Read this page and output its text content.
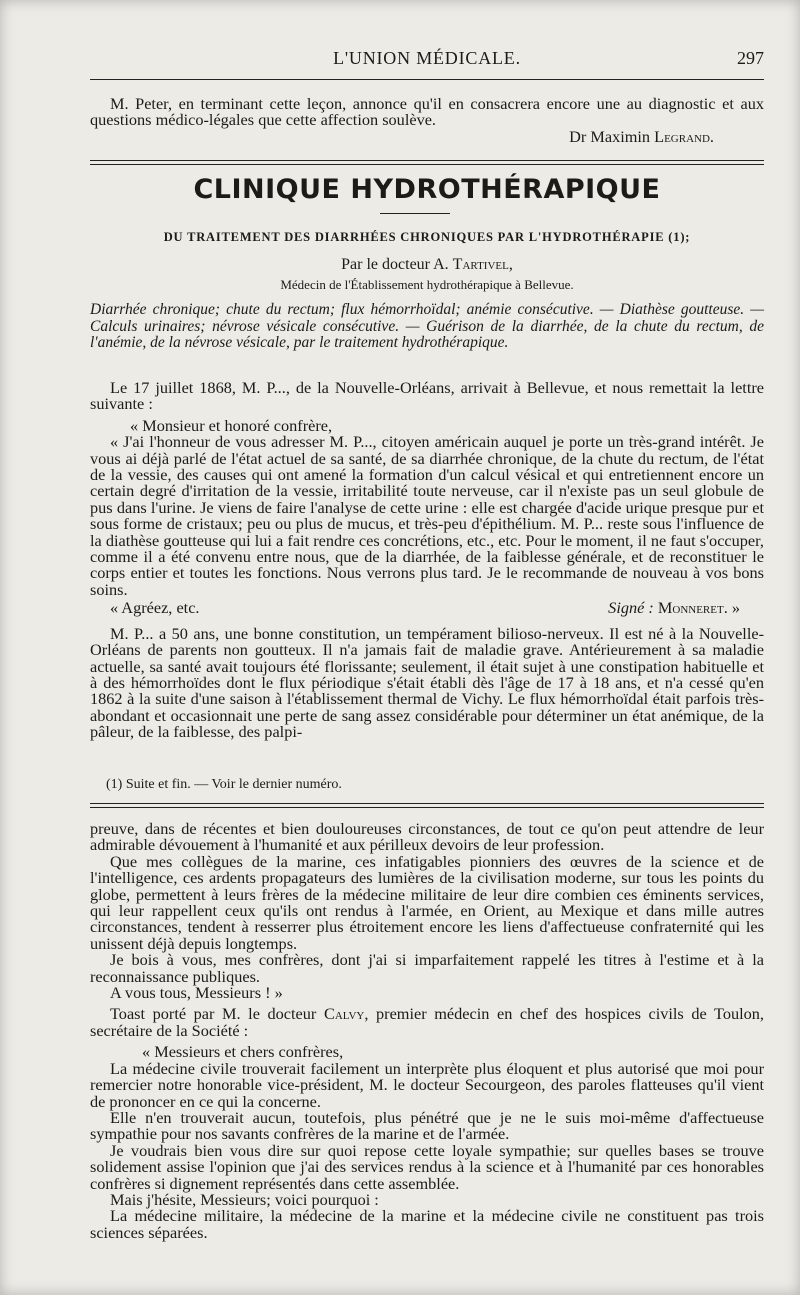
L'UNION MÉDICALE.	297

M. Peter, en terminant cette leçon, annonce qu'il en consacrera encore une au diagnostic et aux questions médico-légales que cette affection soulève.

Dr Maximin Legrand.

CLINIQUE HYDROTHÉRAPIQUE
DU TRAITEMENT DES DIARRHÉES CHRONIQUES PAR L'HYDROTHÉRAPIE (1);
Par le docteur A. Tartivel,
Médecin de l'Établissement hydrothérapique à Bellevue.
Diarrhée chronique; chute du rectum; flux hémorrhoïdal; anémie consécutive. — Diathèse goutteuse. — Calculs urinaires; névrose vésicale consécutive. — Guérison de la diarrhée, de la chute du rectum, de l'anémie, de la névrose vésicale, par le traitement hydrothérapique.

Le 17 juillet 1868, M. P..., de la Nouvelle-Orléans, arrivait à Bellevue, et nous remettait la lettre suivante :

« Monsieur et honoré confrère,

« J'ai l'honneur de vous adresser M. P..., citoyen américain auquel je porte un très-grand intérêt. Je vous ai déjà parlé de l'état actuel de sa santé, de sa diarrhée chronique, de la chute du rectum, de l'état de la vessie, des causes qui ont amené la formation d'un calcul vésical et qui entretiennent encore un certain degré d'irritation de la vessie, irritabilité toute nerveuse, car il n'existe pas un seul globule de pus dans l'urine. Je viens de faire l'analyse de cette urine : elle est chargée d'acide urique presque pur et sous forme de cristaux; peu ou plus de mucus, et très-peu d'épithélium. M. P... reste sous l'influence de la diathèse goutteuse qui lui a fait rendre ces concrétions, etc., etc. Pour le moment, il ne faut s'occuper, comme il a été convenu entre nous, que de la diarrhée, de la faiblesse générale, et de reconstituer le corps entier et toutes les fonctions. Nous verrons plus tard. Je le recommande de nouveau à vos bons soins.

« Agréez, etc.	Signé : Monneret. »

M. P... a 50 ans, une bonne constitution, un tempérament bilioso-nerveux. Il est né à la Nouvelle-Orléans de parents non goutteux. Il n'a jamais fait de maladie grave. Antérieurement à sa maladie actuelle, sa santé avait toujours été florissante; seulement, il était sujet à une constipation habituelle et à des hémorrhoïdes dont le flux périodique s'était établi dès l'âge de 17 à 18 ans, et n'a cessé qu'en 1862 à la suite d'une saison à l'établissement thermal de Vichy. Le flux hémorrhoïdal était parfois très-abondant et occasionnait une perte de sang assez considérable pour déterminer un état anémique, de la pâleur, de la faiblesse, des palpi-

(1) Suite et fin. — Voir le dernier numéro.

preuve, dans de récentes et bien douloureuses circonstances, de tout ce qu'on peut attendre de leur admirable dévouement à l'humanité et aux périlleux devoirs de leur profession.

Que mes collègues de la marine, ces infatigables pionniers des œuvres de la science et de l'intelligence, ces ardents propagateurs des lumières de la civilisation moderne, sur tous les points du globe, permettent à leurs frères de la médecine militaire de leur dire combien ces éminents services, qui leur rappellent ceux qu'ils ont rendus à l'armée, en Orient, au Mexique et dans mille autres circonstances, tendent à resserrer plus étroitement encore les liens d'affectueuse confraternité qui les unissent déjà depuis longtemps.

Je bois à vous, mes confrères, dont j'ai si imparfaitement rappelé les titres à l'estime et à la reconnaissance publiques.

A vous tous, Messieurs ! »

Toast porté par M. le docteur Calvy, premier médecin en chef des hospices civils de Toulon, secrétaire de la Société :

« Messieurs et chers confrères,

La médecine civile trouverait facilement un interprète plus éloquent et plus autorisé que moi pour remercier notre honorable vice-président, M. le docteur Secourgeon, des paroles flatteuses qu'il vient de prononcer en ce qui la concerne.

Elle n'en trouverait aucun, toutefois, plus pénétré que je ne le suis moi-même d'affectueuse sympathie pour nos savants confrères de la marine et de l'armée.

Je voudrais bien vous dire sur quoi repose cette loyale sympathie; sur quelles bases se trouve solidement assise l'opinion que j'ai des services rendus à la science et à l'humanité par ces honorables confrères si dignement représentés dans cette assemblée.

Mais j'hésite, Messieurs; voici pourquoi :

La médecine militaire, la médecine de la marine et la médecine civile ne constituent pas trois sciences séparées.
